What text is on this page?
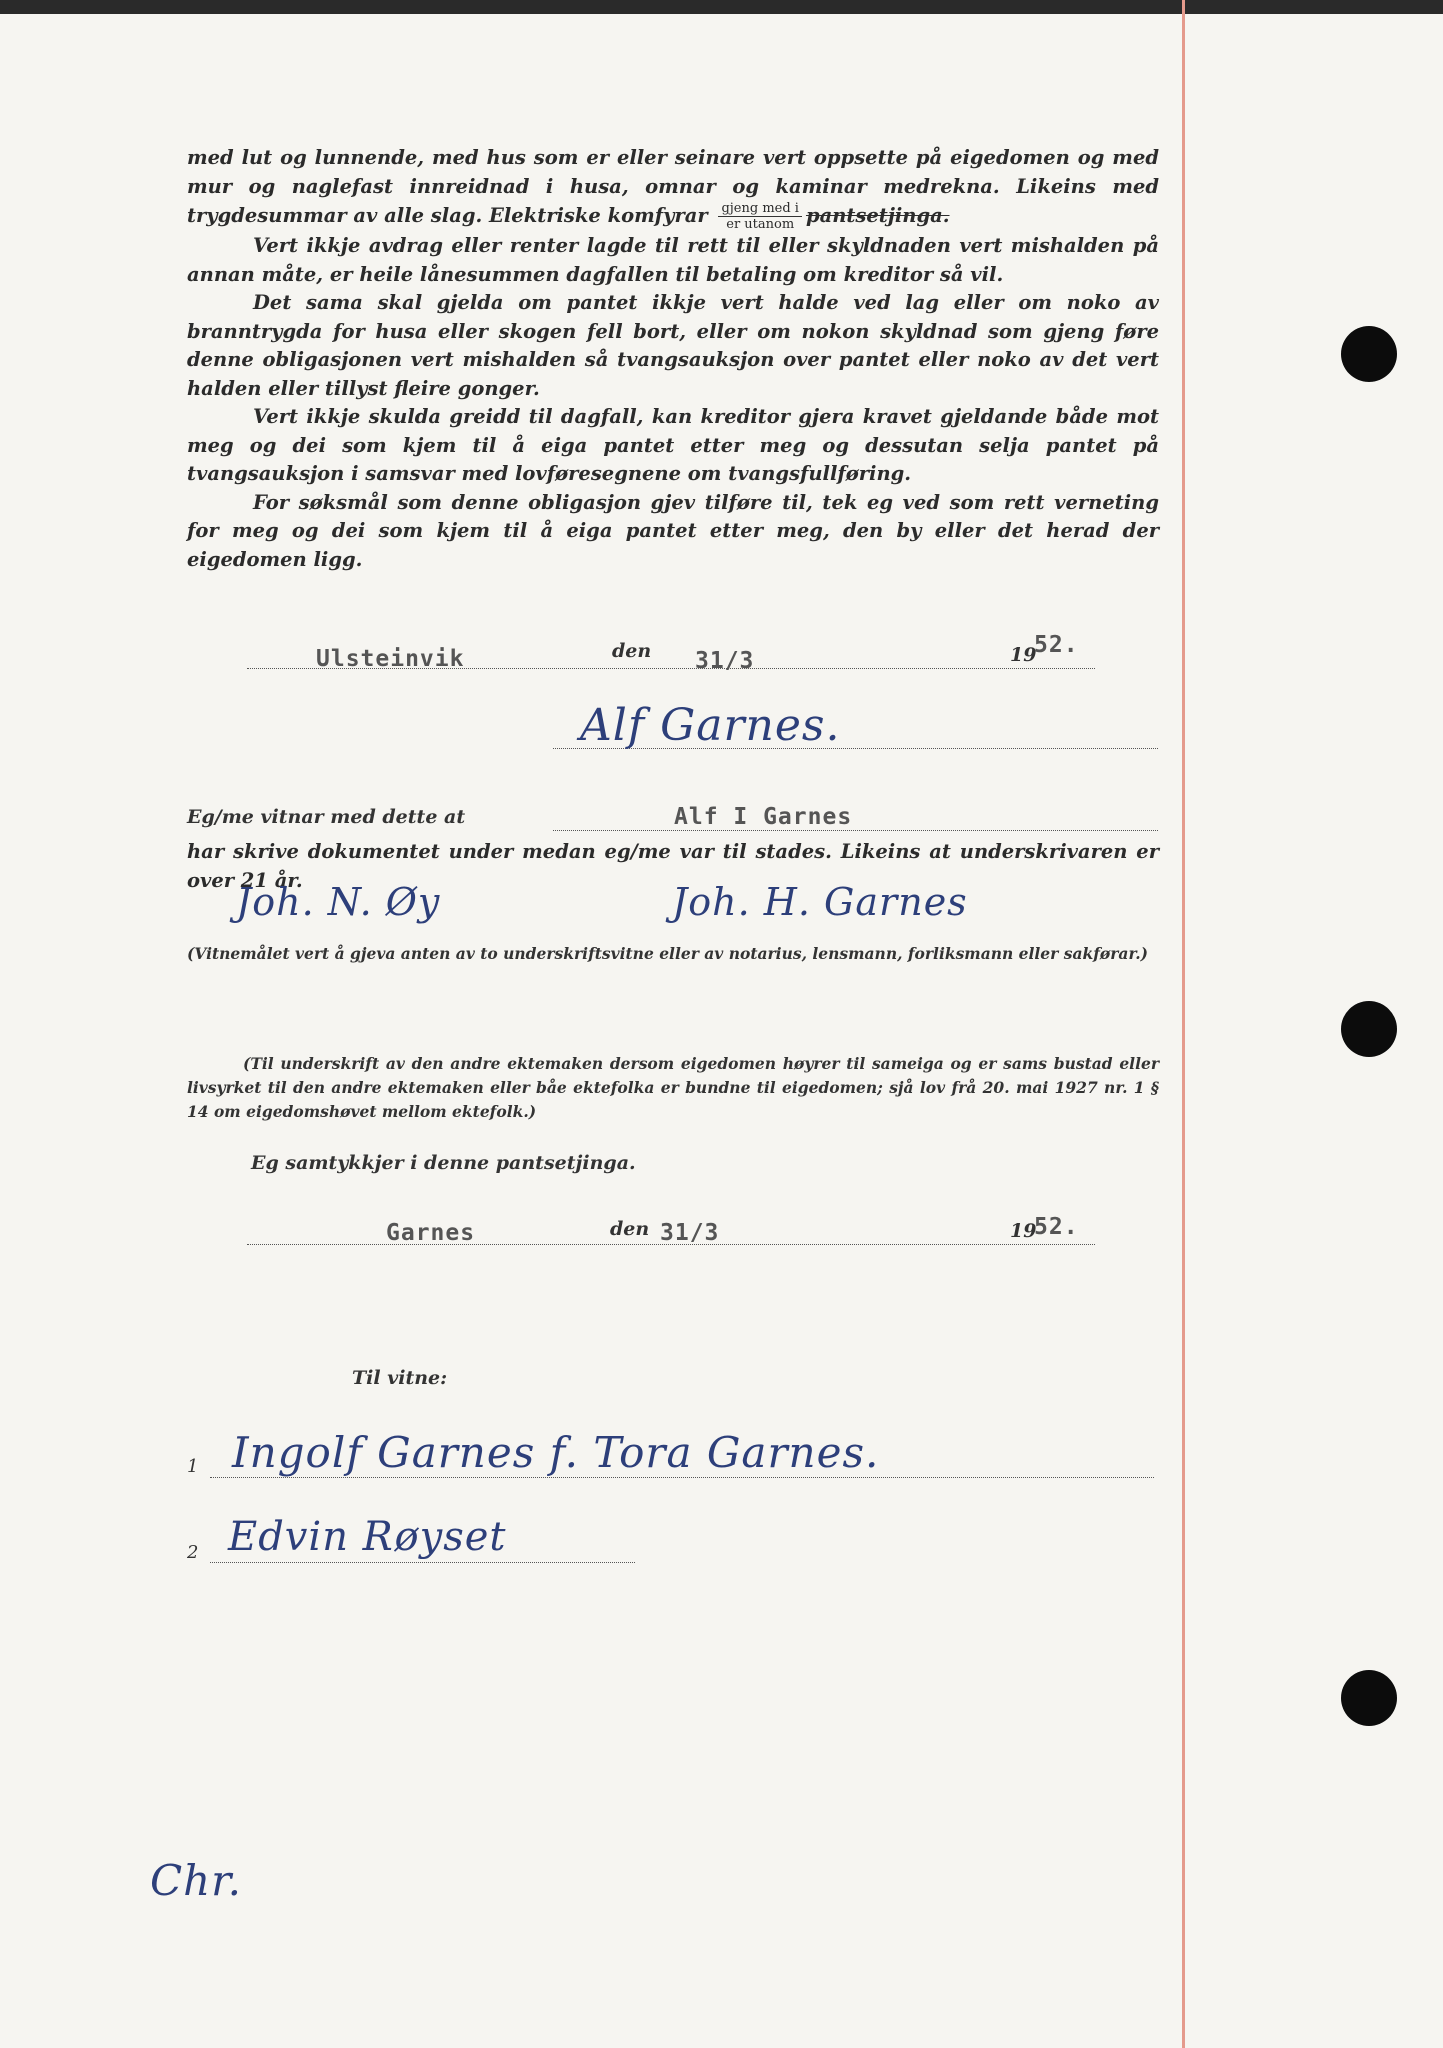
med lut og lunnende, med hus som er eller seinare vert oppsette på eigedomen og med mur og naglefast innreidnad i husa, omnar og kaminar medrekna. Likeins med trygdesummar av alle slag. Elektriske komfyrar $\frac{\text{gjeng med i}}{\text{er utanom}}$ pantsetjinga.

Vert ikkje avdrag eller renter lagde til rett til eller skyldnaden vert mishalden på annan måte, er heile lånesummen dagfallen til betaling om kreditor så vil.

Det sama skal gjelda om pantet ikkje vert halde ved lag eller om noko av branntrygda for husa eller skogen fell bort, eller om nokon skyldnad som gjeng føre denne obligasjonen vert mishalden så tvangsauksjon over pantet eller noko av det vert halden eller tillyst fleire gonger.

Vert ikkje skulda greidd til dagfall, kan kreditor gjera kravet gjeldande både mot meg og dei som kjem til å eiga pantet etter meg og dessutan selja pantet på tvangsauksjon i samsvar med lovføresegnene om tvangsfullføring.

For søksmål som denne obligasjon gjev tilføre til, tek eg ved som rett verneting for meg og dei som kjem til å eiga pantet etter meg, den by eller det herad der eigedomen ligg.

Ulsteinvik	den 31/3	19
52.
Alf Garnes.
Eg/me vitnar med dette at	Alf I Garnes
har skrive dokumentet under medan eg/me var til stades. Likeins at underskrivaren er over 21 år.
Joh. N. Øy	Joh. H. Garnes
(Vitnemålet vert å gjeva anten av to underskriftsvitne eller av notarius, lensmann, forliksmann eller sakførar.)
(Til underskrift av den andre ektemaken dersom eigedomen høyrer til sameiga og er sams bustad eller livsyrket til den andre ektemaken eller båe ektefolka er bundne til eigedomen; sjå lov frå 20. mai 1927 nr. 1 § 14 om eigedomshøvet mellom ektefolk.)
Eg samtykkjer i denne pantsetjinga.
Garnes	den 31/3	19
52.
Til vitne:
1 Ingolf Garnes f. Tora Garnes.
2 Edvin Røyset
Chr.
